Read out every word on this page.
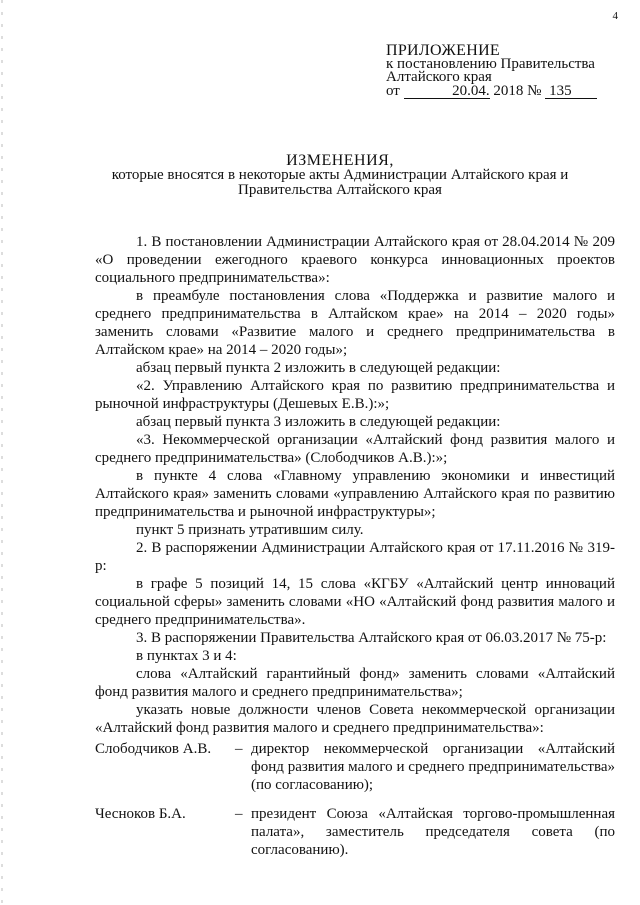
4
ПРИЛОЖЕНИЕ
к постановлению Правительства
Алтайского края
от	20.04. 2018 № 135
ИЗМЕНЕНИЯ,
которые вносятся в некоторые акты Администрации Алтайского края и
Правительства Алтайского края

1. В постановлении Администрации Алтайского края от 28.04.2014 № 209 «О проведении ежегодного краевого конкурса инновационных проектов социального предпринимательства»:

в преамбуле постановления слова «Поддержка и развитие малого и среднего предпринимательства в Алтайском крае» на 2014 – 2020 годы» заменить словами «Развитие малого и среднего предпринимательства в Алтайском крае» на 2014 – 2020 годы»;

абзац первый пункта 2 изложить в следующей редакции:

«2. Управлению Алтайского края по развитию предпринимательства и рыночной инфраструктуры (Дешевых Е.В.):»;

абзац первый пункта 3 изложить в следующей редакции:

«3. Некоммерческой организации «Алтайский фонд развития малого и среднего предпринимательства» (Слободчиков А.В.):»;

в пункте 4 слова «Главному управлению экономики и инвестиций Алтайского края» заменить словами «управлению Алтайского края по развитию предпринимательства и рыночной инфраструктуры»;

пункт 5 признать утратившим силу.

2. В распоряжении Администрации Алтайского края от 17.11.2016 № 319-р:

в графе 5 позиций 14, 15 слова «КГБУ «Алтайский центр инноваций социальной сферы» заменить словами «НО «Алтайский фонд развития малого и среднего предпринимательства».

3. В распоряжении Правительства Алтайского края от 06.03.2017 № 75-р:

в пунктах 3 и 4:

слова «Алтайский гарантийный фонд» заменить словами «Алтайский фонд развития малого и среднего предпринимательства»;

указать новые должности членов Совета некоммерческой организации «Алтайский фонд развития малого и среднего предпринимательства»:

Слободчиков А.В.	– директор некоммерческой организации «Алтайский фонд развития малого и среднего предпринимательства» (по согласованию);
Чесноков Б.А.	– президент Союза «Алтайская торгово-промышленная палата», заместитель председателя совета (по согласованию).
